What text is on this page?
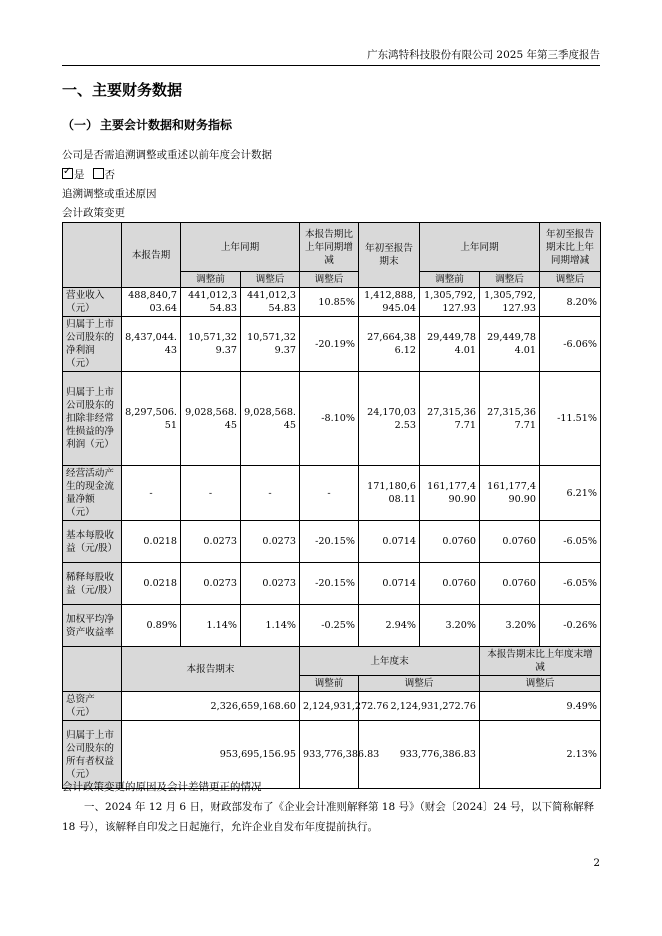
广东鸿特科技股份有限公司 2025 年第三季度报告
一、主要财务数据
（一） 主要会计数据和财务指标
公司是否需追溯调整或重述以前年度会计数据
✓是 否
追溯调整或重述原因
会计政策变更
	本报告期	上年同期		本报告期比上年同期增减	年初至报告期末	上年同期		年初至报告期末比上年同期增减
		调整前	调整后	调整后		调整前	调整后	调整后
营业收入（元）	488,840,703.64	441,012,354.83	441,012,354.83	10.85%	1,412,888,945.04	1,305,792,127.93	1,305,792,127.93	8.20%
归属于上市公司股东的净利润（元）	8,437,044.43	10,571,329.37	10,571,329.37	-20.19%	27,664,386.12	29,449,784.01	29,449,784.01	-6.06%
归属于上市公司股东的扣除非经常性损益的净利润（元）	8,297,506.51	9,028,568.45	9,028,568.45	-8.10%	24,170,032.53	27,315,367.71	27,315,367.71	-11.51%
经营活动产生的现金流量净额（元）	-	-	-	-	171,180,608.11	161,177,490.90	161,177,490.90	6.21%
基本每股收益（元/股）	0.0218	0.0273	0.0273	-20.15%	0.0714	0.0760	0.0760	-6.05%
稀释每股收益（元/股）	0.0218	0.0273	0.0273	-20.15%	0.0714	0.0760	0.0760	-6.05%
加权平均净资产收益率	0.89%	1.14%	1.14%	-0.25%	2.94%	3.20%	3.20%	-0.26%
	本报告期末			上年度末			本报告期末比上年度末增减	
				调整前	调整后		调整后	
总资产（元）	2,326,659,168.60			2,124,931,272.76	2,124,931,272.76		9.49%	
归属于上市公司股东的所有者权益（元）	953,695,156.95			933,776,386.83	933,776,386.83		2.13%	
会计政策变更的原因及会计差错更正的情况
一、2024 年 12 月 6 日，财政部发布了《企业会计准则解释第 18 号》（财会〔2024〕24 号，以下简称解释 18 号），该解释自印发之日起施行，允许企业自发布年度提前执行。
2
